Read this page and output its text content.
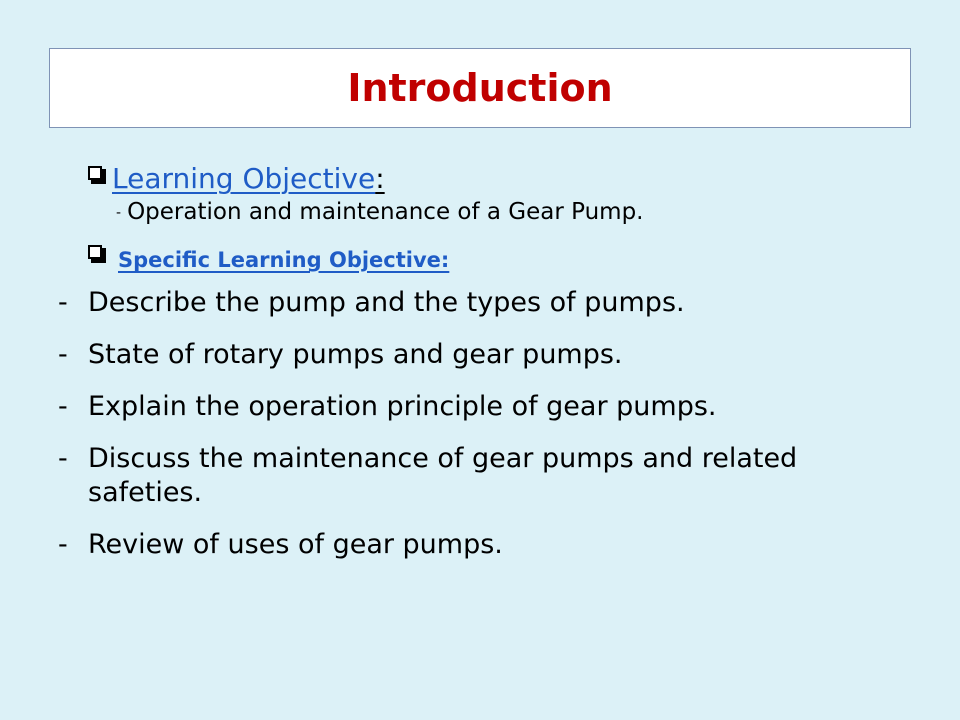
Introduction
Learning Objective :
- Operation and maintenance of a Gear Pump.
Specific Learning Objective:
- Describe the pump and the types of pumps.
- State of rotary pumps and gear pumps.
- Explain the operation principle of gear pumps.
- Discuss the maintenance of gear pumps and related safeties.
- Review of uses of gear pumps.
